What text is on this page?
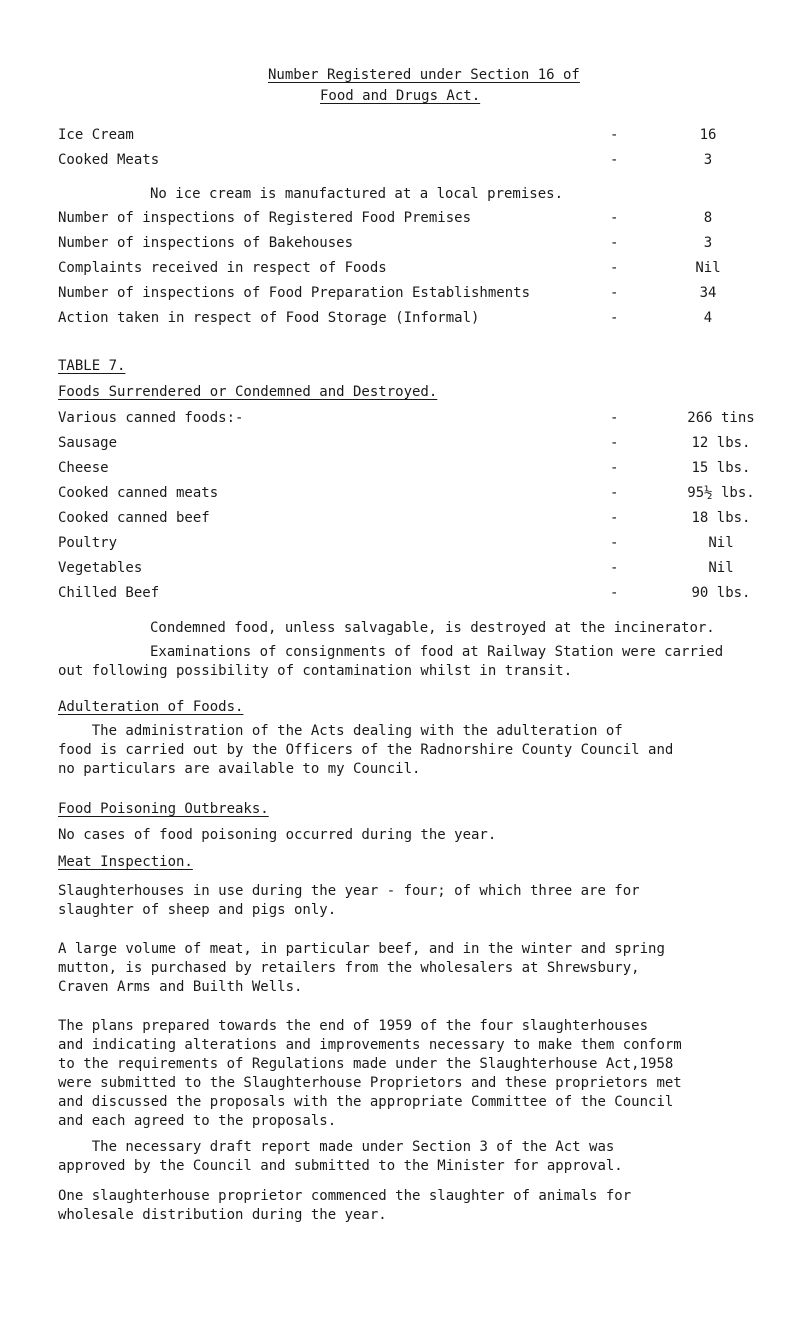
Number Registered under Section 16 of
Food and Drugs Act.
Ice Cream	-	16
Cooked Meats	-	3
No ice cream is manufactured at a local premises.
Number of inspections of Registered Food Premises	-	8
Number of inspections of Bakehouses	-	3
Complaints received in respect of Foods	-	Nil
Number of inspections of Food Preparation Establishments	-	34
Action taken in respect of Food Storage (Informal)	-	4
TABLE 7.
Foods Surrendered or Condemned and Destroyed.
Various canned foods:-	-	266 tins
Sausage	-	12 lbs.
Cheese	-	15 lbs.
Cooked canned meats	-	95½ lbs.
Cooked canned beef	-	18 lbs.
Poultry	-	Nil
Vegetables	-	Nil
Chilled Beef	-	90 lbs.
Condemned food, unless salvagable, is destroyed at the incinerator.
Examinations of consignments of food at Railway Station were carried
out following possibility of contamination whilst in transit.
Adulteration of Foods.
The administration of the Acts dealing with the adulteration of
food is carried out by the Officers of the Radnorshire County Council and
no particulars are available to my Council.
Food Poisoning Outbreaks.
No cases of food poisoning occurred during the year.
Meat Inspection.
Slaughterhouses in use during the year - four; of which three are for
slaughter of sheep and pigs only.
A large volume of meat, in particular beef, and in the winter and spring
mutton, is purchased by retailers from the wholesalers at Shrewsbury,
Craven Arms and Builth Wells.
The plans prepared towards the end of 1959 of the four slaughterhouses
and indicating alterations and improvements necessary to make them conform
to the requirements of Regulations made under the Slaughterhouse Act,1958
were submitted to the Slaughterhouse Proprietors and these proprietors met
and discussed the proposals with the appropriate Committee of the Council
and each agreed to the proposals.
The necessary draft report made under Section 3 of the Act was
approved by the Council and submitted to the Minister for approval.
One slaughterhouse proprietor commenced the slaughter of animals for
wholesale distribution during the year.
